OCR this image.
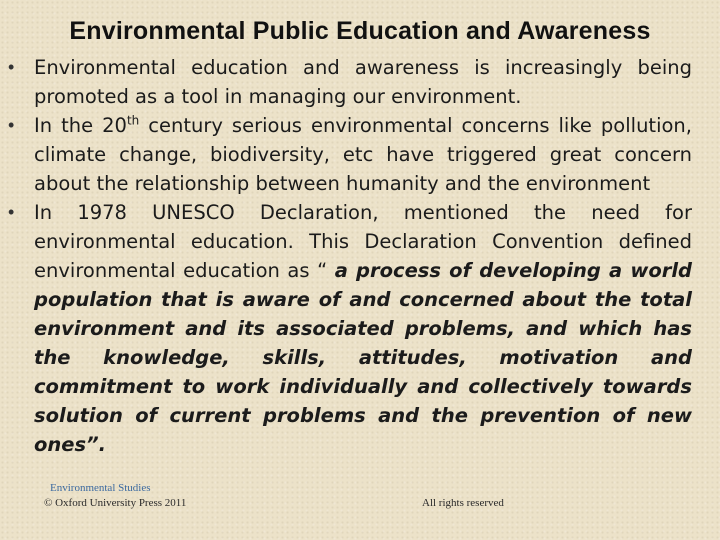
Environmental Public Education and Awareness
•	Environmental education and awareness is increasingly being promoted as a tool in managing our environment.
•	In the 20th century serious environmental concerns like pollution, climate change, biodiversity, etc have triggered great concern about the relationship between humanity and the environment
•	In 1978 UNESCO Declaration, mentioned the need for environmental education. This Declaration Convention defined environmental education as “ a process of developing a world population that is aware of and concerned about the total environment and its associated problems, and which has the knowledge, skills, attitudes, motivation and commitment to work individually and collectively towards solution of current problems and the prevention of new ones”.
Environmental Studies
© Oxford University Press 2011	All rights reserved
